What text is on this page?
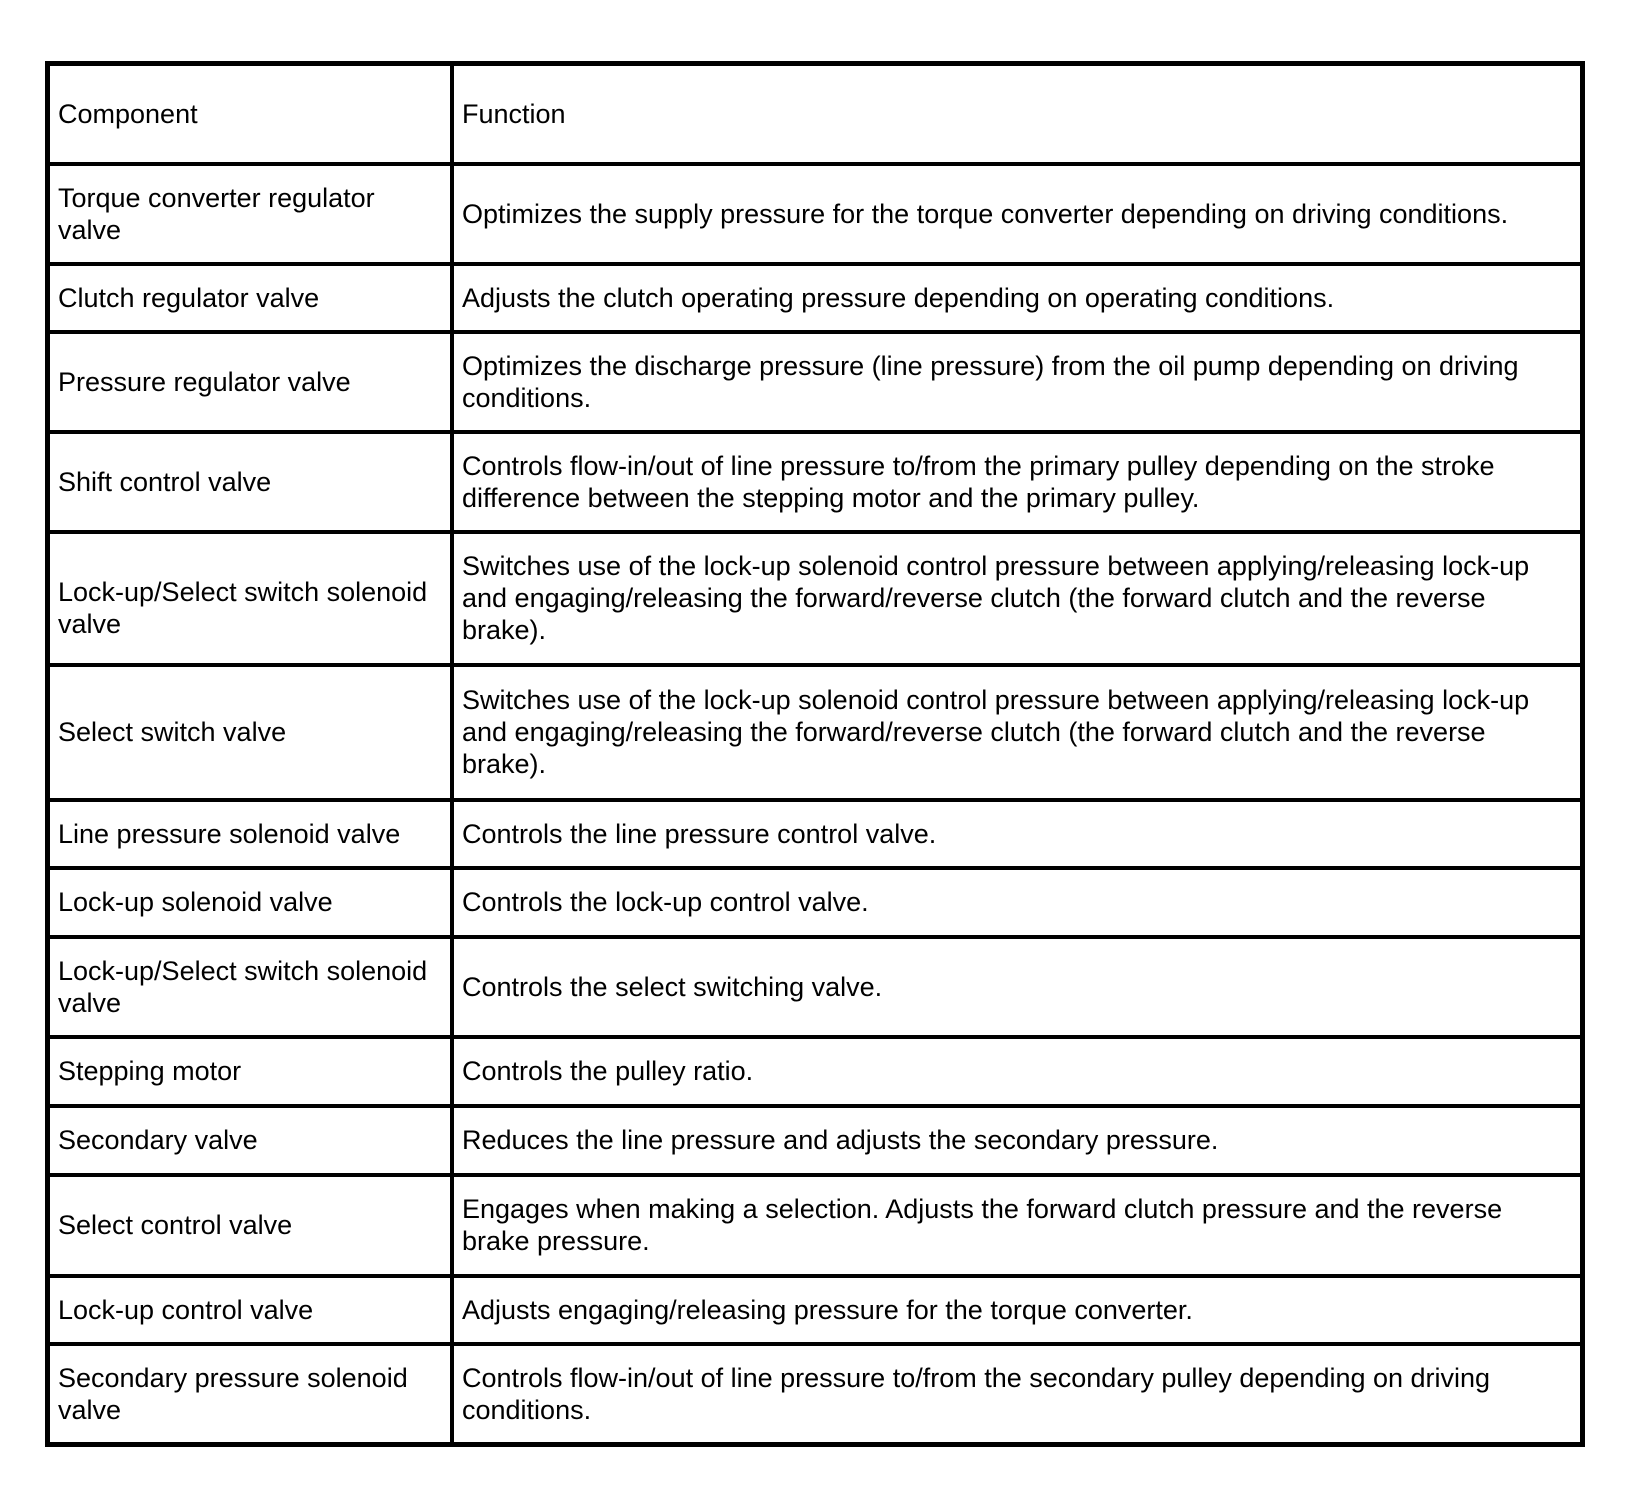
Component	Function
Torque converter regulator valve	Optimizes the supply pressure for the torque converter depending on driving conditions.
Clutch regulator valve	Adjusts the clutch operating pressure depending on operating conditions.
Pressure regulator valve	Optimizes the discharge pressure (line pressure) from the oil pump depending on driving conditions.
Shift control valve	Controls flow-in/out of line pressure to/from the primary pulley depending on the stroke difference between the stepping motor and the primary pulley.
Lock-up/Select switch solenoid valve	Switches use of the lock-up solenoid control pressure between applying/releasing lock-up and engaging/releasing the forward/reverse clutch (the forward clutch and the reverse brake).
Select switch valve	Switches use of the lock-up solenoid control pressure between applying/releasing lock-up and engaging/releasing the forward/reverse clutch (the forward clutch and the reverse brake).
Line pressure solenoid valve	Controls the line pressure control valve.
Lock-up solenoid valve	Controls the lock-up control valve.
Lock-up/Select switch solenoid valve	Controls the select switching valve.
Stepping motor	Controls the pulley ratio.
Secondary valve	Reduces the line pressure and adjusts the secondary pressure.
Select control valve	Engages when making a selection. Adjusts the forward clutch pressure and the reverse brake pressure.
Lock-up control valve	Adjusts engaging/releasing pressure for the torque converter.
Secondary pressure solenoid valve	Controls flow-in/out of line pressure to/from the secondary pulley depending on driving conditions.
